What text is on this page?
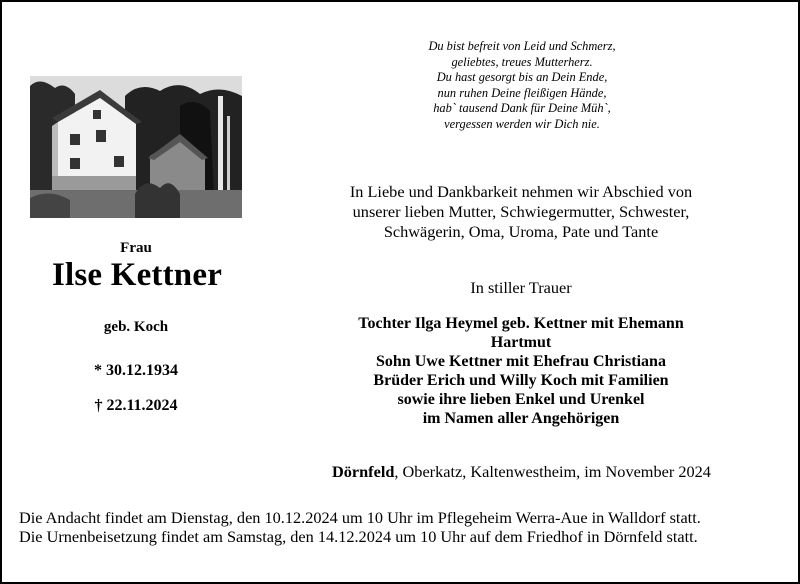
Du bist befreit von Leid und Schmerz,
geliebtes, treues Mutterherz.
Du hast gesorgt bis an Dein Ende,
nun ruhen Deine fleißigen Hände,
hab` tausend Dank für Deine Müh`,
vergessen werden wir Dich nie.
Frau
Ilse Kettner
geb. Koch
* 30.12.1934
† 22.11.2024
In Liebe und Dankbarkeit nehmen wir Abschied von
unserer lieben Mutter, Schwiegermutter, Schwester,
Schwägerin, Oma, Uroma, Pate und Tante
In stiller Trauer
Tochter Ilga Heymel geb. Kettner mit Ehemann
Hartmut
Sohn Uwe Kettner mit Ehefrau Christiana
Brüder Erich und Willy Koch mit Familien
sowie ihre lieben Enkel und Urenkel
im Namen aller Angehörigen
Dörnfeld, Oberkatz, Kaltenwestheim, im November 2024
Die Andacht findet am Dienstag, den 10.12.2024 um 10 Uhr im Pflegeheim Werra-Aue in Walldorf statt.
Die Urnenbeisetzung findet am Samstag, den 14.12.2024 um 10 Uhr auf dem Friedhof in Dörnfeld statt.
